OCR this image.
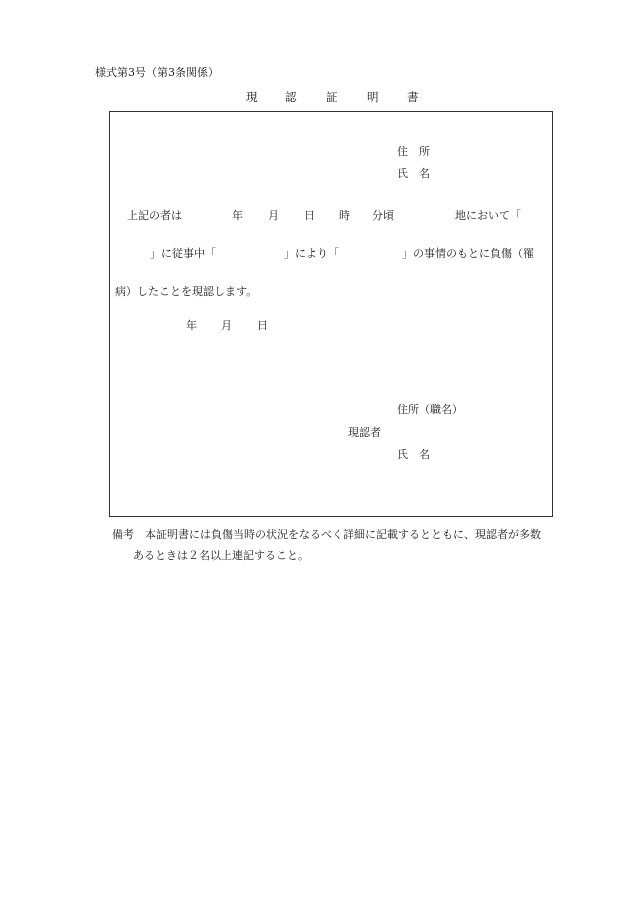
様式第3号（第3条関係）
現 認	証	明 書
住　所
氏　名
上記の者は	年 月 日 時 分頃	地において「
」に従事中「	」により「	」の事情のもとに負傷（罹
病）したことを現認します。
年 月 日
住所（職名）
現認者
氏　名
備考　本証明書には負傷当時の状況をなるべく詳細に記載するとともに、現認者が多数
あるときは２名以上連記すること。
